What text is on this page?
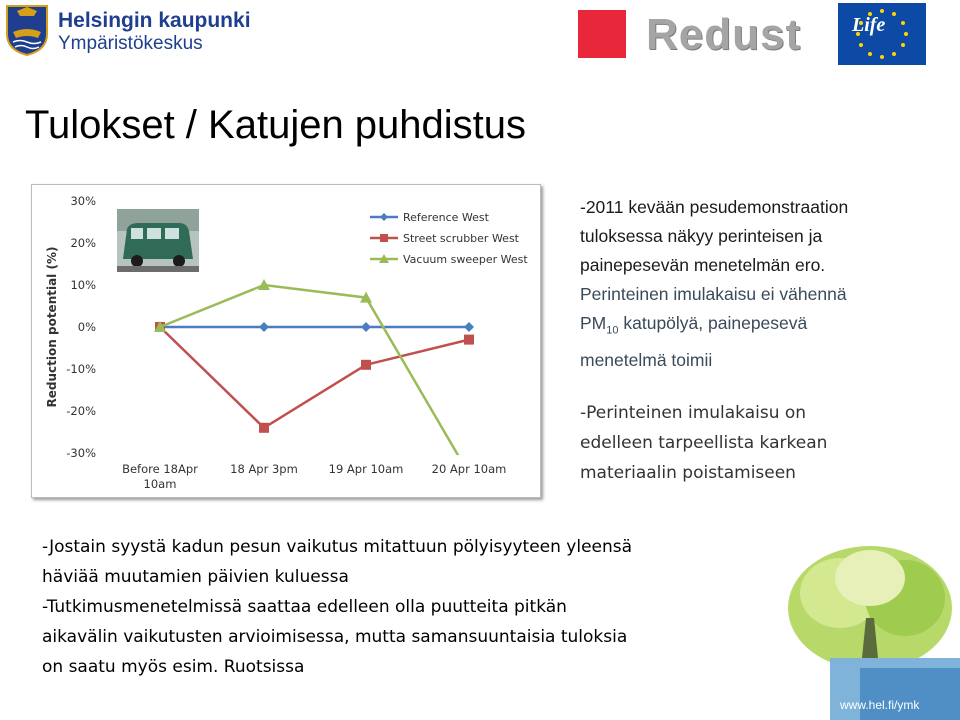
Helsingin kaupunki
Ympäristökeskus	Redust	Life
Tulokset / Katujen puhdistus
30%
20%
10%
0%
-10%
-20%
-30%
Reduction potential (%)
Before 18Apr 10am
18 Apr 3pm	19 Apr 10am 20 Apr 10am
Reference West
Street scrubber West
Vacuum sweeper West
-2011 kevään pesudemonstraation
tuloksessa näkyy perinteisen ja
painepesevän menetelmän ero.
Perinteinen imulakaisu ei vähennä
$PM_{10}$ katupölyä, painepesevä
menetelmä toimii
-Perinteinen imulakaisu on
edelleen tarpeellista karkean
materiaalin poistamiseen
-Jostain syystä kadun pesun vaikutus mitattuun pölyisyyteen yleensä
häviää muutamien päivien kuluessa
-Tutkimusmenetelmissä saattaa edelleen olla puutteita pitkän
aikavälin vaikutusten arvioimisessa, mutta samansuuntaisia tuloksia
on saatu myös esim. Ruotsissa
www.hel.fi/ymk
